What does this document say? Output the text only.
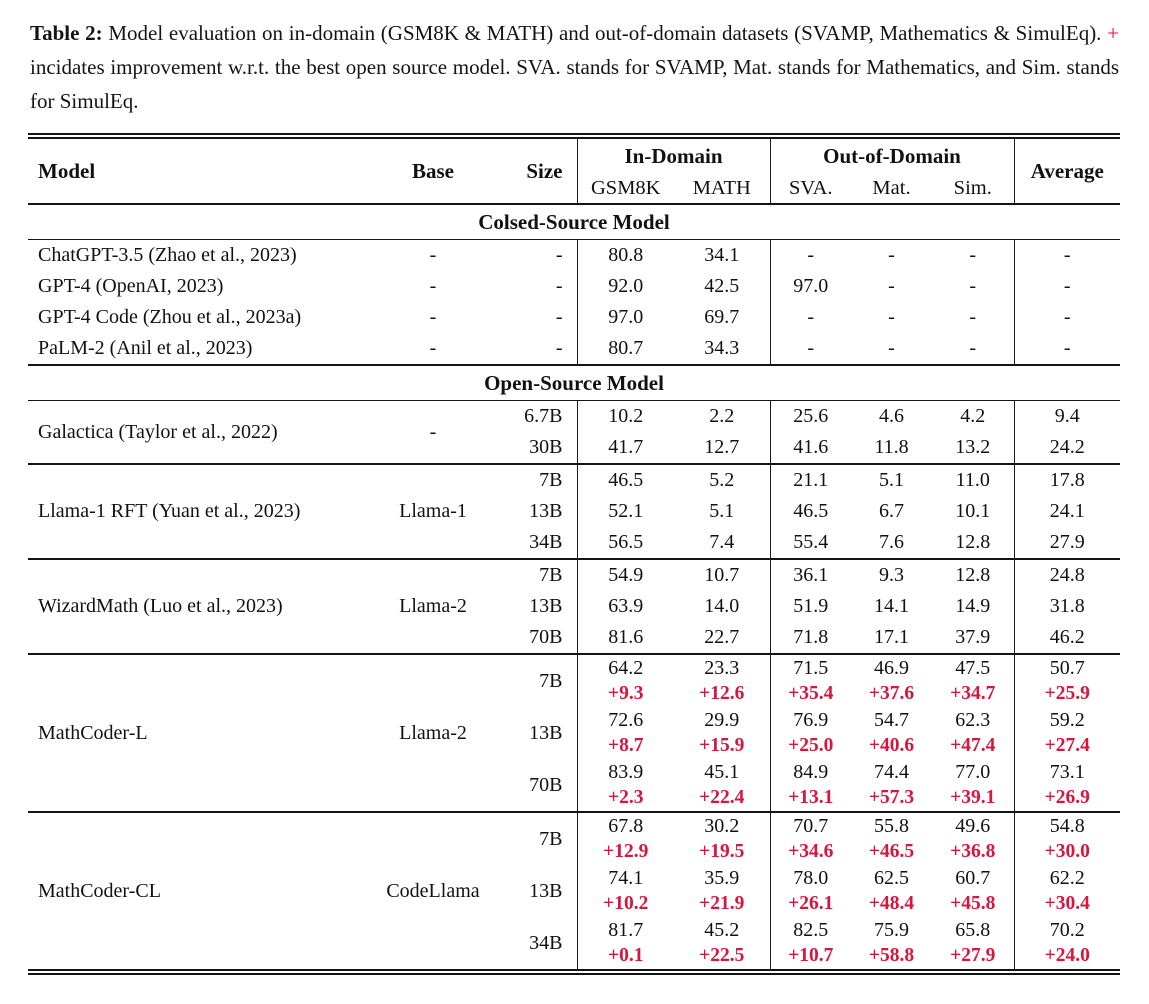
Table 2: Model evaluation on in-domain (GSM8K & MATH) and out-of-domain datasets (SVAMP, Mathematics & SimulEq). + incidates improvement w.r.t. the best open source model. SVA. stands for SVAMP, Mat. stands for Mathematics, and Sim. stands for SimulEq.
Model	Base	Size	In-Domain		Out-of-Domain			Average
			GSM8K	MATH	SVA.	Mat.	Sim.	
Colsed-Source Model								
ChatGPT-3.5 (Zhao et al., 2023)	-	-	80.8	34.1	-	-	-	-
GPT-4 (OpenAI, 2023)	-	-	92.0	42.5	97.0	-	-	-
GPT-4 Code (Zhou et al., 2023a)	-	-	97.0	69.7	-	-	-	-
PaLM-2 (Anil et al., 2023)	-	-	80.7	34.3	-	-	-	-
Open-Source Model								
Galactica (Taylor et al., 2022)	-	6.7B	10.2	2.2	25.6	4.6	4.2	9.4
		30B	41.7	12.7	41.6	11.8	13.2	24.2
Llama-1 RFT (Yuan et al., 2023)	Llama-1	7B	46.5	5.2	21.1	5.1	11.0	17.8
		13B	52.1	5.1	46.5	6.7	10.1	24.1
		34B	56.5	7.4	55.4	7.6	12.8	27.9
WizardMath (Luo et al., 2023)	Llama-2	7B	54.9	10.7	36.1	9.3	12.8	24.8
		13B	63.9	14.0	51.9	14.1	14.9	31.8
		70B	81.6	22.7	71.8	17.1	37.9	46.2
MathCoder-L	Llama-2	7B	64.2	23.3	71.5	46.9	47.5	50.7
			+9.3	+12.6	+35.4	+37.6	+34.7	+25.9
		13B	72.6	29.9	76.9	54.7	62.3	59.2
			+8.7	+15.9	+25.0	+40.6	+47.4	+27.4
		70B	83.9	45.1	84.9	74.4	77.0	73.1
			+2.3	+22.4	+13.1	+57.3	+39.1	+26.9
MathCoder-CL	CodeLlama	7B	67.8	30.2	70.7	55.8	49.6	54.8
			+12.9	+19.5	+34.6	+46.5	+36.8	+30.0
		13B	74.1	35.9	78.0	62.5	60.7	62.2
			+10.2	+21.9	+26.1	+48.4	+45.8	+30.4
		34B	81.7	45.2	82.5	75.9	65.8	70.2
			+0.1	+22.5	+10.7	+58.8	+27.9	+24.0
